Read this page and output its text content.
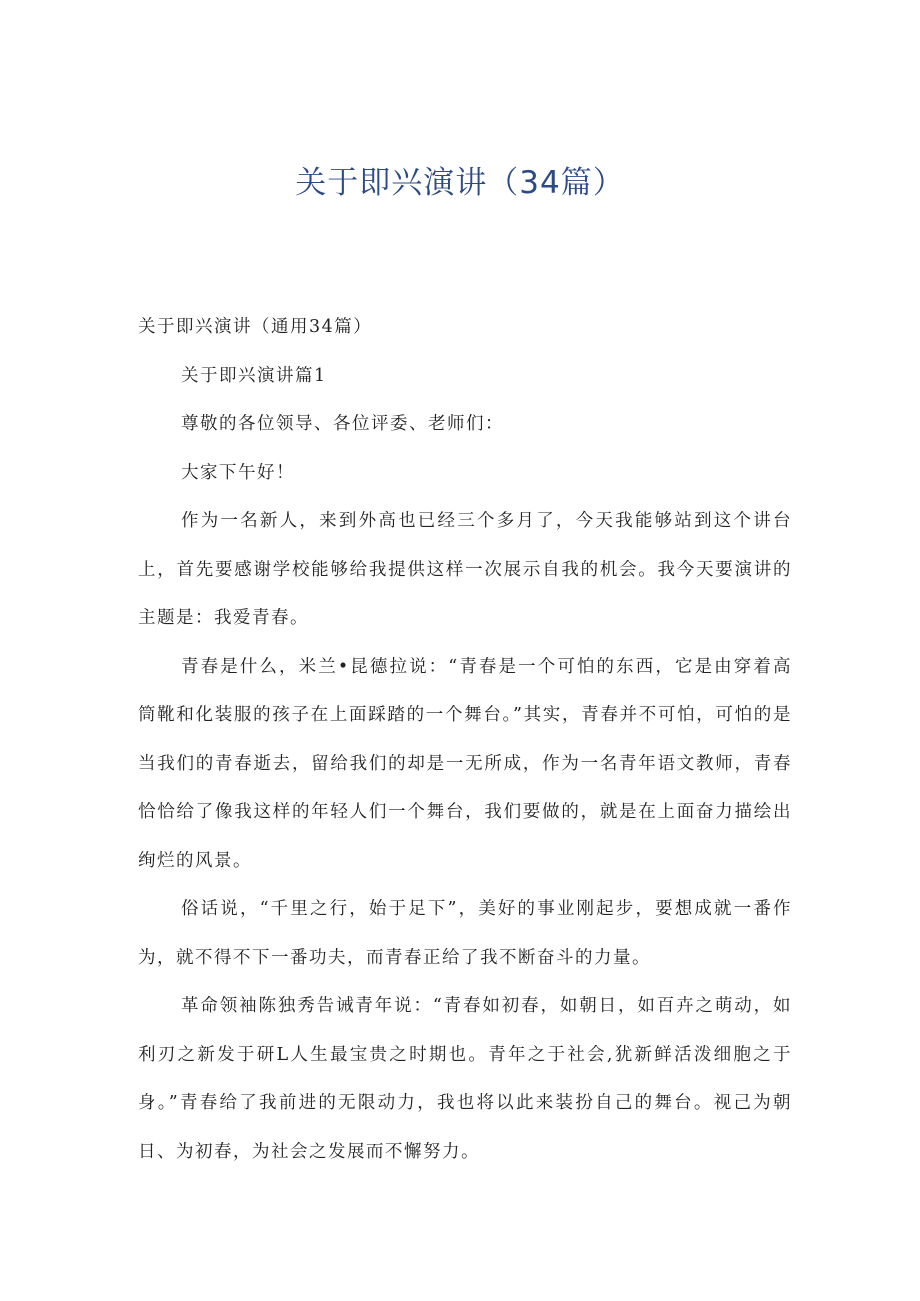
关于即兴演讲（34篇）

关于即兴演讲（通用34篇）

关于即兴演讲篇1

尊敬的各位领导、各位评委、老师们：

大家下午好！

作为一名新人，来到外高也已经三个多月了，今天我能够站到这个讲台上，首先要感谢学校能够给我提供这样一次展示自我的机会。我今天要演讲的主题是：我爱青春。

青春是什么，米兰•昆德拉说：“青春是一个可怕的东西，它是由穿着高筒靴和化装服的孩子在上面踩踏的一个舞台。”其实，青春并不可怕，可怕的是当我们的青春逝去，留给我们的却是一无所成，作为一名青年语文教师，青春恰恰给了像我这样的年轻人们一个舞台，我们要做的，就是在上面奋力描绘出绚烂的风景。

俗话说，“千里之行，始于足下”，美好的事业刚起步，要想成就一番作为，就不得不下一番功夫，而青春正给了我不断奋斗的力量。

革命领袖陈独秀告诫青年说：“青春如初春，如朝日，如百卉之萌动，如利刃之新发于研L人生最宝贵之时期也。青年之于社会,犹新鲜活泼细胞之于身。”青春给了我前进的无限动力，我也将以此来装扮自己的舞台。视己为朝日、为初春，为社会之发展而不懈努力。
